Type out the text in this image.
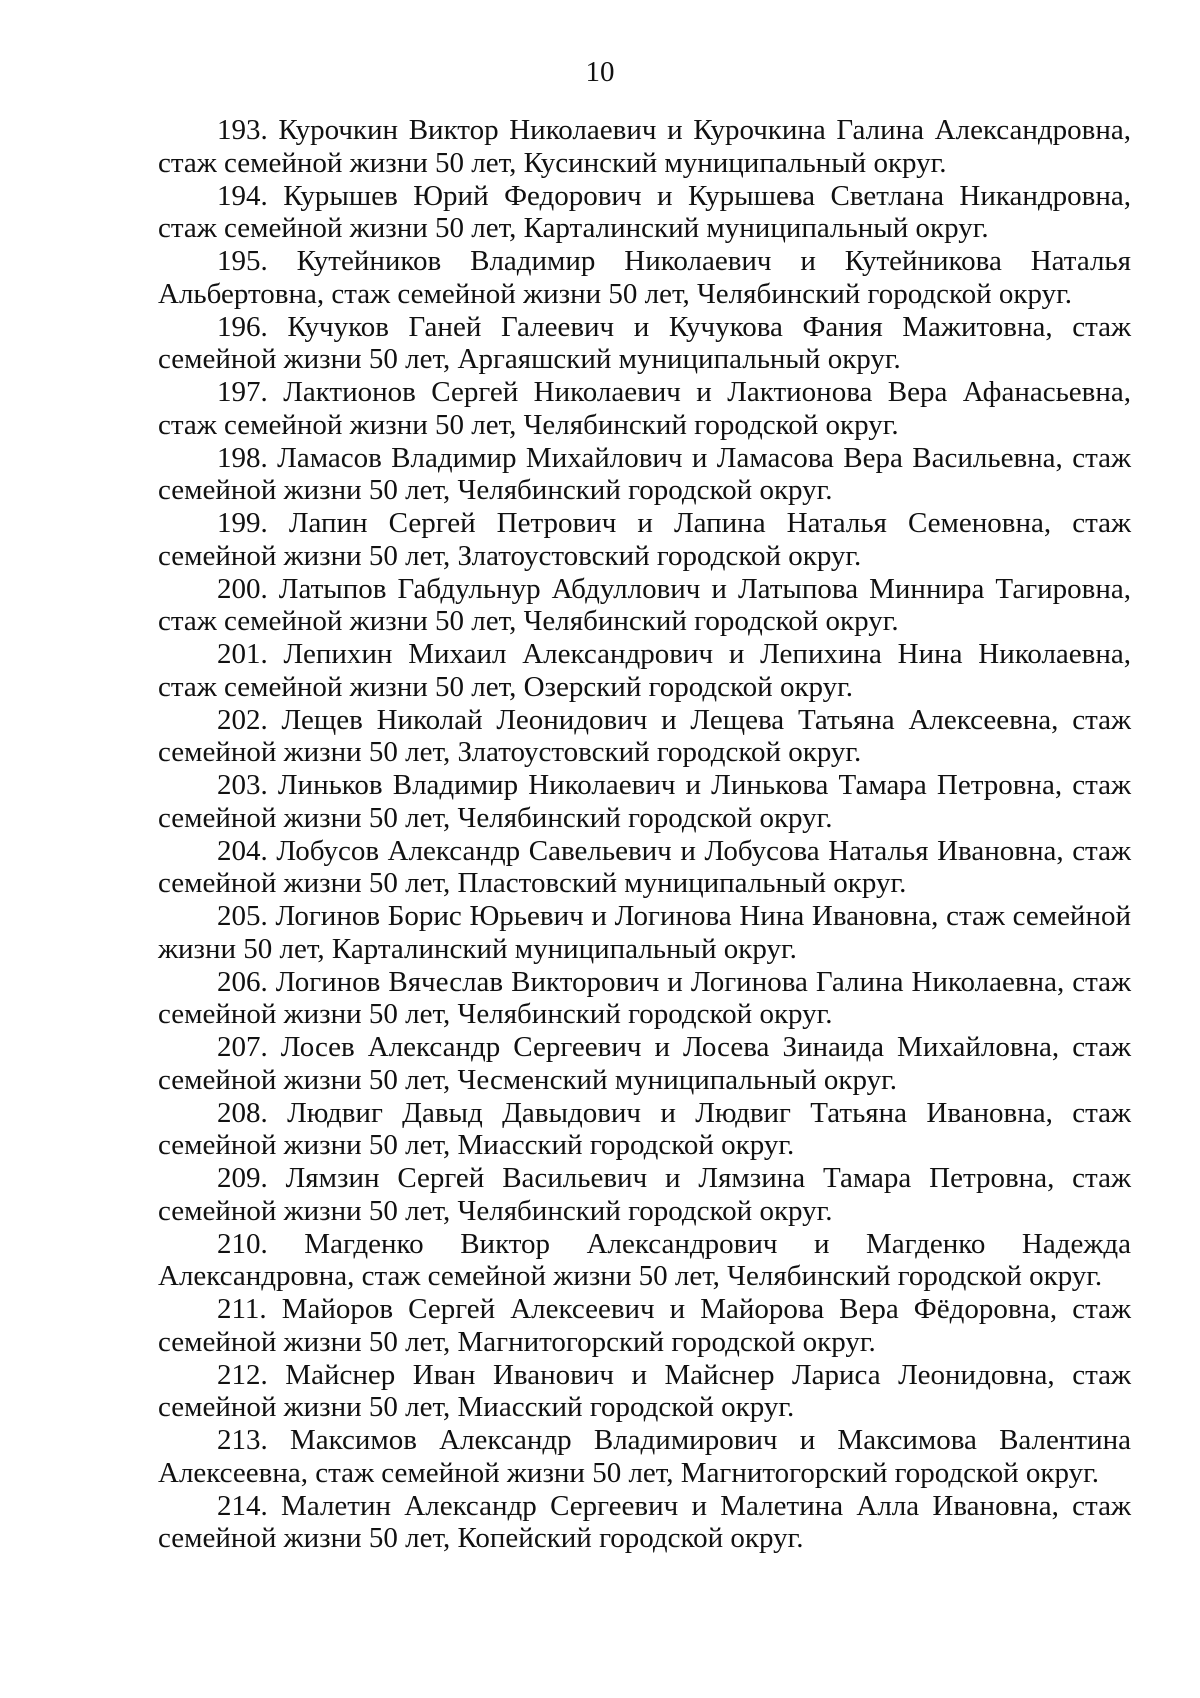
10

193. Курочкин Виктор Николаевич и Курочкина Галина Александровна, стаж семейной жизни 50 лет, Кусинский муниципальный округ.

194. Курышев Юрий Федорович и Курышева Светлана Никандровна, стаж семейной жизни 50 лет, Карталинский муниципальный округ.

195. Кутейников Владимир Николаевич и Кутейникова Наталья Альбертовна, стаж семейной жизни 50 лет, Челябинский городской округ.

196. Кучуков Ганей Галеевич и Кучукова Фания Мажитовна, стаж семейной жизни 50 лет, Аргаяшский муниципальный округ.

197. Лактионов Сергей Николаевич и Лактионова Вера Афанасьевна, стаж семейной жизни 50 лет, Челябинский городской округ.

198. Ламасов Владимир Михайлович и Ламасова Вера Васильевна, стаж семейной жизни 50 лет, Челябинский городской округ.

199. Лапин Сергей Петрович и Лапина Наталья Семеновна, стаж семейной жизни 50 лет, Златоустовский городской округ.

200. Латыпов Габдульнур Абдуллович и Латыпова Миннира Тагировна, стаж семейной жизни 50 лет, Челябинский городской округ.

201. Лепихин Михаил Александрович и Лепихина Нина Николаевна, стаж семейной жизни 50 лет, Озерский городской округ.

202. Лещев Николай Леонидович и Лещева Татьяна Алексеевна, стаж семейной жизни 50 лет, Златоустовский городской округ.

203. Линьков Владимир Николаевич и Линькова Тамара Петровна, стаж семейной жизни 50 лет, Челябинский городской округ.

204. Лобусов Александр Савельевич и Лобусова Наталья Ивановна, стаж семейной жизни 50 лет, Пластовский муниципальный округ.

205. Логинов Борис Юрьевич и Логинова Нина Ивановна, стаж семейной жизни 50 лет, Карталинский муниципальный округ.

206. Логинов Вячеслав Викторович и Логинова Галина Николаевна, стаж семейной жизни 50 лет, Челябинский городской округ.

207. Лосев Александр Сергеевич и Лосева Зинаида Михайловна, стаж семейной жизни 50 лет, Чесменский муниципальный округ.

208. Людвиг Давыд Давыдович и Людвиг Татьяна Ивановна, стаж семейной жизни 50 лет, Миасский городской округ.

209. Лямзин Сергей Васильевич и Лямзина Тамара Петровна, стаж семейной жизни 50 лет, Челябинский городской округ.

210. Магденко Виктор Александрович и Магденко Надежда Александровна, стаж семейной жизни 50 лет, Челябинский городской округ.

211. Майоров Сергей Алексеевич и Майорова Вера Фёдоровна, стаж семейной жизни 50 лет, Магнитогорский городской округ.

212. Майснер Иван Иванович и Майснер Лариса Леонидовна, стаж семейной жизни 50 лет, Миасский городской округ.

213. Максимов Александр Владимирович и Максимова Валентина Алексеевна, стаж семейной жизни 50 лет, Магнитогорский городской округ.

214. Малетин Александр Сергеевич и Малетина Алла Ивановна, стаж семейной жизни 50 лет, Копейский городской округ.
